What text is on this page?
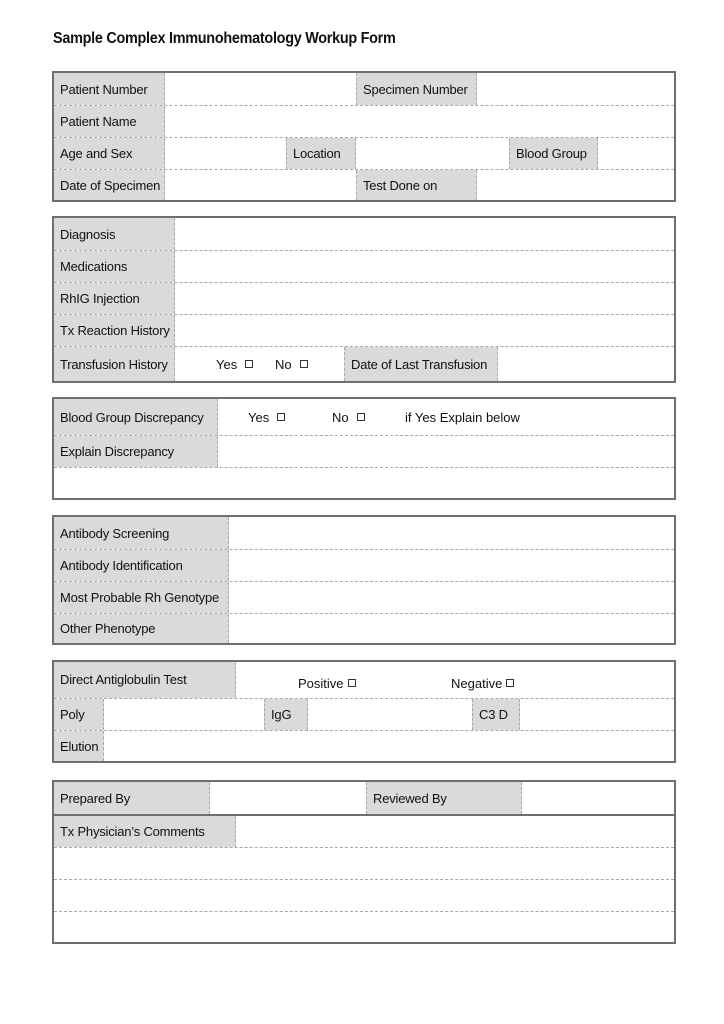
Sample Complex Immunohematology Workup Form
Patient Number	Specimen Number
Patient Name
Age and Sex	Location	Blood Group
Date of Specimen	Test Done on
Diagnosis
Medications
RhIG Injection
Tx Reaction History
Transfusion History	Yes	No	Date of Last Transfusion
Blood Group Discrepancy	Yes	No	if Yes Explain below
Explain Discrepancy
Antibody Screening
Antibody Identification
Most Probable Rh Genotype
Other Phenotype
Direct Antiglobulin Test	Positive	Negative
Poly	IgG	C3 D
Elution
Prepared By	Reviewed By
Tx Physician’s Comments
